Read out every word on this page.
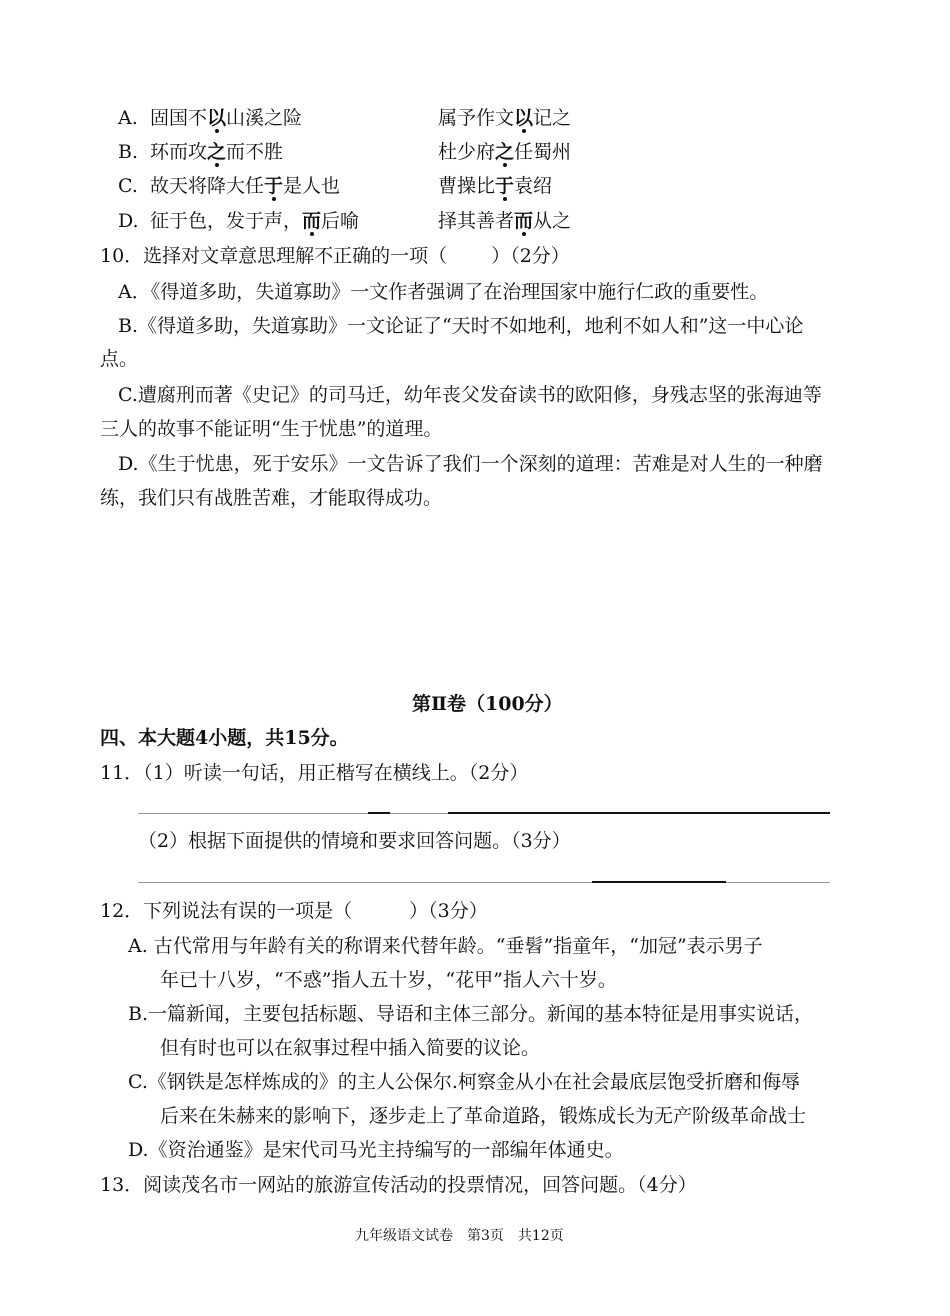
A. 固国不以山溪之险	属予作文以记之
B. 环而攻之而不胜	杜少府之任蜀州
C. 故天将降大任于是人也	曹操比于袁绍
D. 征于色，发于声，而后喻	择其善者而从之
10．选择对文章意思理解不正确的一项（　　 ）（2分）
A．《得道多助，失道寡助》一文作者强调了在治理国家中施行仁政的重要性。
B.《得道多助，失道寡助》一文论证了“天时不如地利，地利不如人和”这一中心论
点。
C.遭腐刑而著《史记》的司马迁，幼年丧父发奋读书的欧阳修，身残志坚的张海迪等
三人的故事不能证明“生于忧患”的道理。
D.《生于忧患，死于安乐》一文告诉了我们一个深刻的道理：苦难是对人生的一种磨
练，我们只有战胜苦难，才能取得成功。
第Ⅱ卷（100分）
四、本大题4小题，共15分。
11．（1）听读一句话，用正楷写在横线上。（2分）
（2）根据下面提供的情境和要求回答问题。（3分）
12．下列说法有误的一项是（　　　）（3分）
A. 古代常用与年龄有关的称谓来代替年龄。“垂髫”指童年，“加冠”表示男子
年已十八岁，“不惑”指人五十岁，“花甲”指人六十岁。
B.一篇新闻，主要包括标题、导语和主体三部分。新闻的基本特征是用事实说话，
但有时也可以在叙事过程中插入简要的议论。
C.《钢铁是怎样炼成的》的主人公保尔.柯察金从小在社会最底层饱受折磨和侮辱
后来在朱赫来的影响下，逐步走上了革命道路，锻炼成长为无产阶级革命战士
D.《资治通鉴》是宋代司马光主持编写的一部编年体通史。
13．阅读茂名市一网站的旅游宣传活动的投票情况，回答问题。（4分）
九年级语文试卷　第3页　共12页
